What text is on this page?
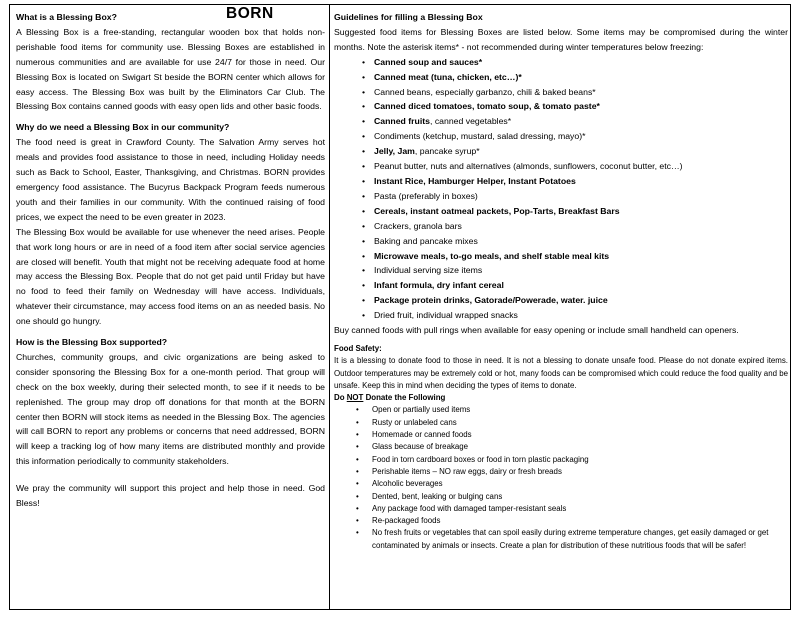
BORN

What is a Blessing Box?

A Blessing Box is a free-standing, rectangular wooden box that holds non-perishable food items for community use. Blessing Boxes are established in numerous communities and are available for use 24/7 for those in need. Our Blessing Box is located on Swigart St beside the BORN center which allows for easy access. The Blessing Box was built by the Eliminators Car Club. The Blessing Box contains canned goods with easy open lids and other basic foods.

Why do we need a Blessing Box in our community?

The food need is great in Crawford County. The Salvation Army serves hot meals and provides food assistance to those in need, including Holiday needs such as Back to School, Easter, Thanksgiving, and Christmas. BORN provides emergency food assistance. The Bucyrus Backpack Program feeds numerous youth and their families in our community. With the continued raising of food prices, we expect the need to be even greater in 2023.

The Blessing Box would be available for use whenever the need arises. People that work long hours or are in need of a food item after social service agencies are closed will benefit. Youth that might not be receiving adequate food at home may access the Blessing Box. People that do not get paid until Friday but have no food to feed their family on Wednesday will have access. Individuals, whatever their circumstance, may access food items on an as needed basis. No one should go hungry.

How is the Blessing Box supported?

Churches, community groups, and civic organizations are being asked to consider sponsoring the Blessing Box for a one-month period. That group will check on the box weekly, during their selected month, to see if it needs to be replenished. The group may drop off donations for that month at the BORN center then BORN will stock items as needed in the Blessing Box. The agencies will call BORN to report any problems or concerns that need addressed, BORN will keep a tracking log of how many items are distributed monthly and provide this information periodically to community stakeholders.

We pray the community will support this project and help those in need. God Bless!

Guidelines for filling a Blessing Box

Suggested food items for Blessing Boxes are listed below. Some items may be compromised during the winter months. Note the asterisk items* - not recommended during winter temperatures below freezing:

• Canned soup and sauces*
• Canned meat (tuna, chicken, etc…)*
• Canned beans, especially garbanzo, chili & baked beans*
• Canned diced tomatoes, tomato soup, & tomato paste*
• Canned fruits, canned vegetables*
• Condiments (ketchup, mustard, salad dressing, mayo)*
• Jelly, Jam, pancake syrup*
• Peanut butter, nuts and alternatives (almonds, sunflowers, coconut butter, etc…)
• Instant Rice, Hamburger Helper, Instant Potatoes
• Pasta (preferably in boxes)
• Cereals, instant oatmeal packets, Pop-Tarts, Breakfast Bars
• Crackers, granola bars
• Baking and pancake mixes
• Microwave meals, to-go meals, and shelf stable meal kits
• Individual serving size items
• Infant formula, dry infant cereal
• Package protein drinks, Gatorade/Powerade, water. juice
• Dried fruit, individual wrapped snacks

Buy canned foods with pull rings when available for easy opening or include small handheld can openers.

Food Safety:

It is a blessing to donate food to those in need. It is not a blessing to donate unsafe food. Please do not donate expired items. Outdoor temperatures may be extremely cold or hot, many foods can be compromised which could reduce the food quality and be unsafe. Keep this in mind when deciding the types of items to donate.

Do NOT Donate the Following

• Open or partially used items
• Rusty or unlabeled cans
• Homemade or canned foods
• Glass because of breakage
• Food in torn cardboard boxes or food in torn plastic packaging
• Perishable items – NO raw eggs, dairy or fresh breads
• Alcoholic beverages
• Dented, bent, leaking or bulging cans
• Any package food with damaged tamper-resistant seals
• Re-packaged foods
• No fresh fruits or vegetables that can spoil easily during extreme temperature changes, get easily damaged or get contaminated by animals or insects. Create a plan for distribution of these nutritious foods that will be safer!
